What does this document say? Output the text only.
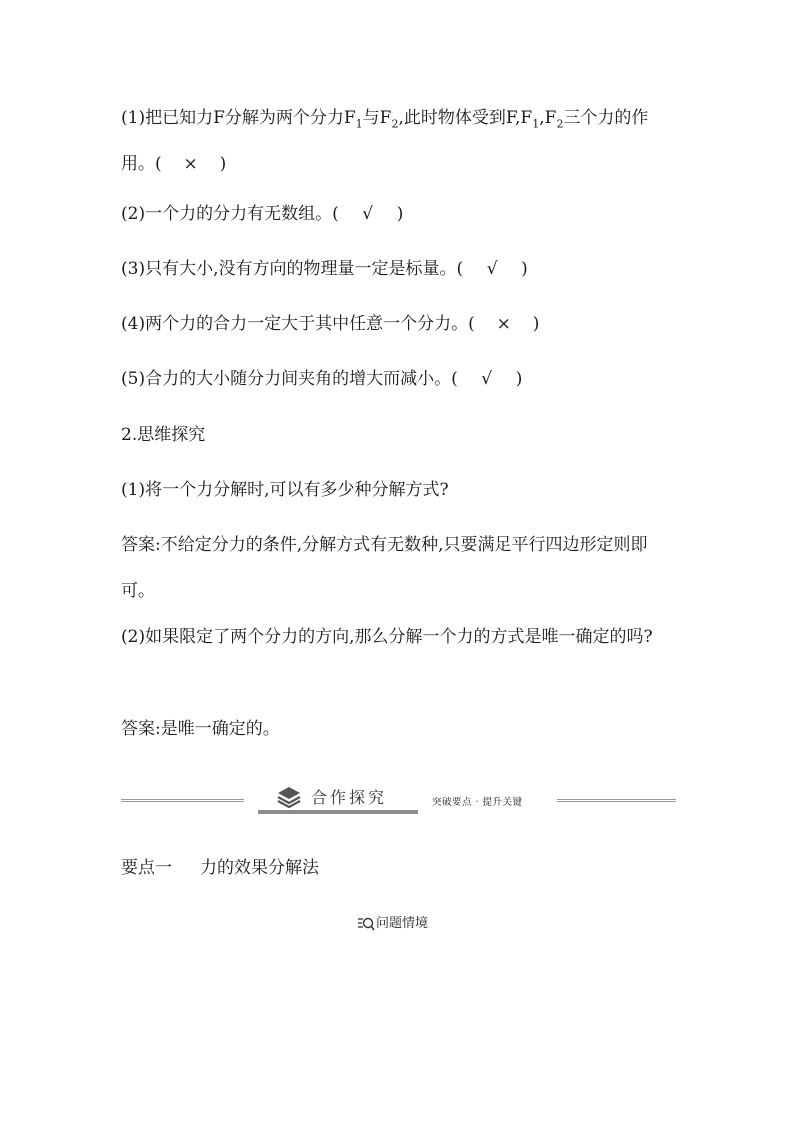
(1)把已知力F分解为两个分力$F_1$与$F_2$,此时物体受到$F,F_1,F_2$三个力的作用。( × )

(2)一个力的分力有无数组。( √ )

(3)只有大小,没有方向的物理量一定是标量。( √ )

(4)两个力的合力一定大于其中任意一个分力。( × )

(5)合力的大小随分力间夹角的增大而减小。( √ )

2.思维探究

(1)将一个力分解时,可以有多少种分解方式?

答案:不给定分力的条件,分解方式有无数种,只要满足平行四边形定则即可。

(2)如果限定了两个分力的方向,那么分解一个力的方式是唯一确定的吗?

答案:是唯一确定的。

合作探究	突破要点 · 提升关键
要点一 力的效果分解法
问题情境
